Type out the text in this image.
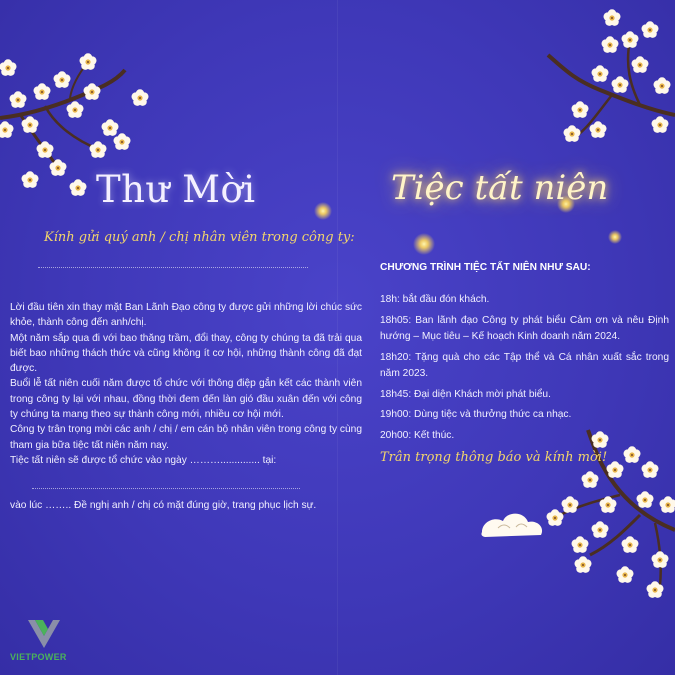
Thư Mời	Tiệc tất niên
Kính gửi quý anh / chị nhân viên trong công ty:

Lời đầu tiên xin thay mặt Ban Lãnh Đạo công ty được gửi những lời chúc sức khỏe, thành công đến anh/chị.

Một năm sắp qua đi với bao thăng trầm, đổi thay, công ty chúng ta đã trải qua biết bao những thách thức và cũng không ít cơ hội, những thành công đã đạt được.

Buổi lễ tất niên cuối năm được tổ chức với thông điệp gắn kết các thành viên trong công ty lại với nhau, đồng thời đem đến làn gió đầu xuân đến với công ty chúng ta mang theo sự thành công mới, nhiều cơ hội mới.

Công ty trân trọng mời các anh / chị / em cán bộ nhân viên trong công ty cùng tham gia bữa tiệc tất niên năm nay.

Tiệc tất niên sẽ được tổ chức vào ngày ……….............. tại:

vào lúc …….. Đề nghị anh / chị có mặt đúng giờ, trang phục lịch sự.
CHƯƠNG TRÌNH TIỆC TẤT NIÊN NHƯ SAU:

18h: bắt đầu đón khách.

18h05: Ban lãnh đạo Công ty phát biểu Cảm ơn và nêu Định hướng – Mục tiêu – Kế hoạch Kinh doanh năm 2024.

18h20: Tặng quà cho các Tập thể và Cá nhân xuất sắc trong năm 2023.

18h45: Đại diện Khách mời phát biểu.

19h00: Dùng tiệc và thưởng thức ca nhạc.

20h00: Kết thúc.

Trân trọng thông báo và kính mời!
VIETPOWER
